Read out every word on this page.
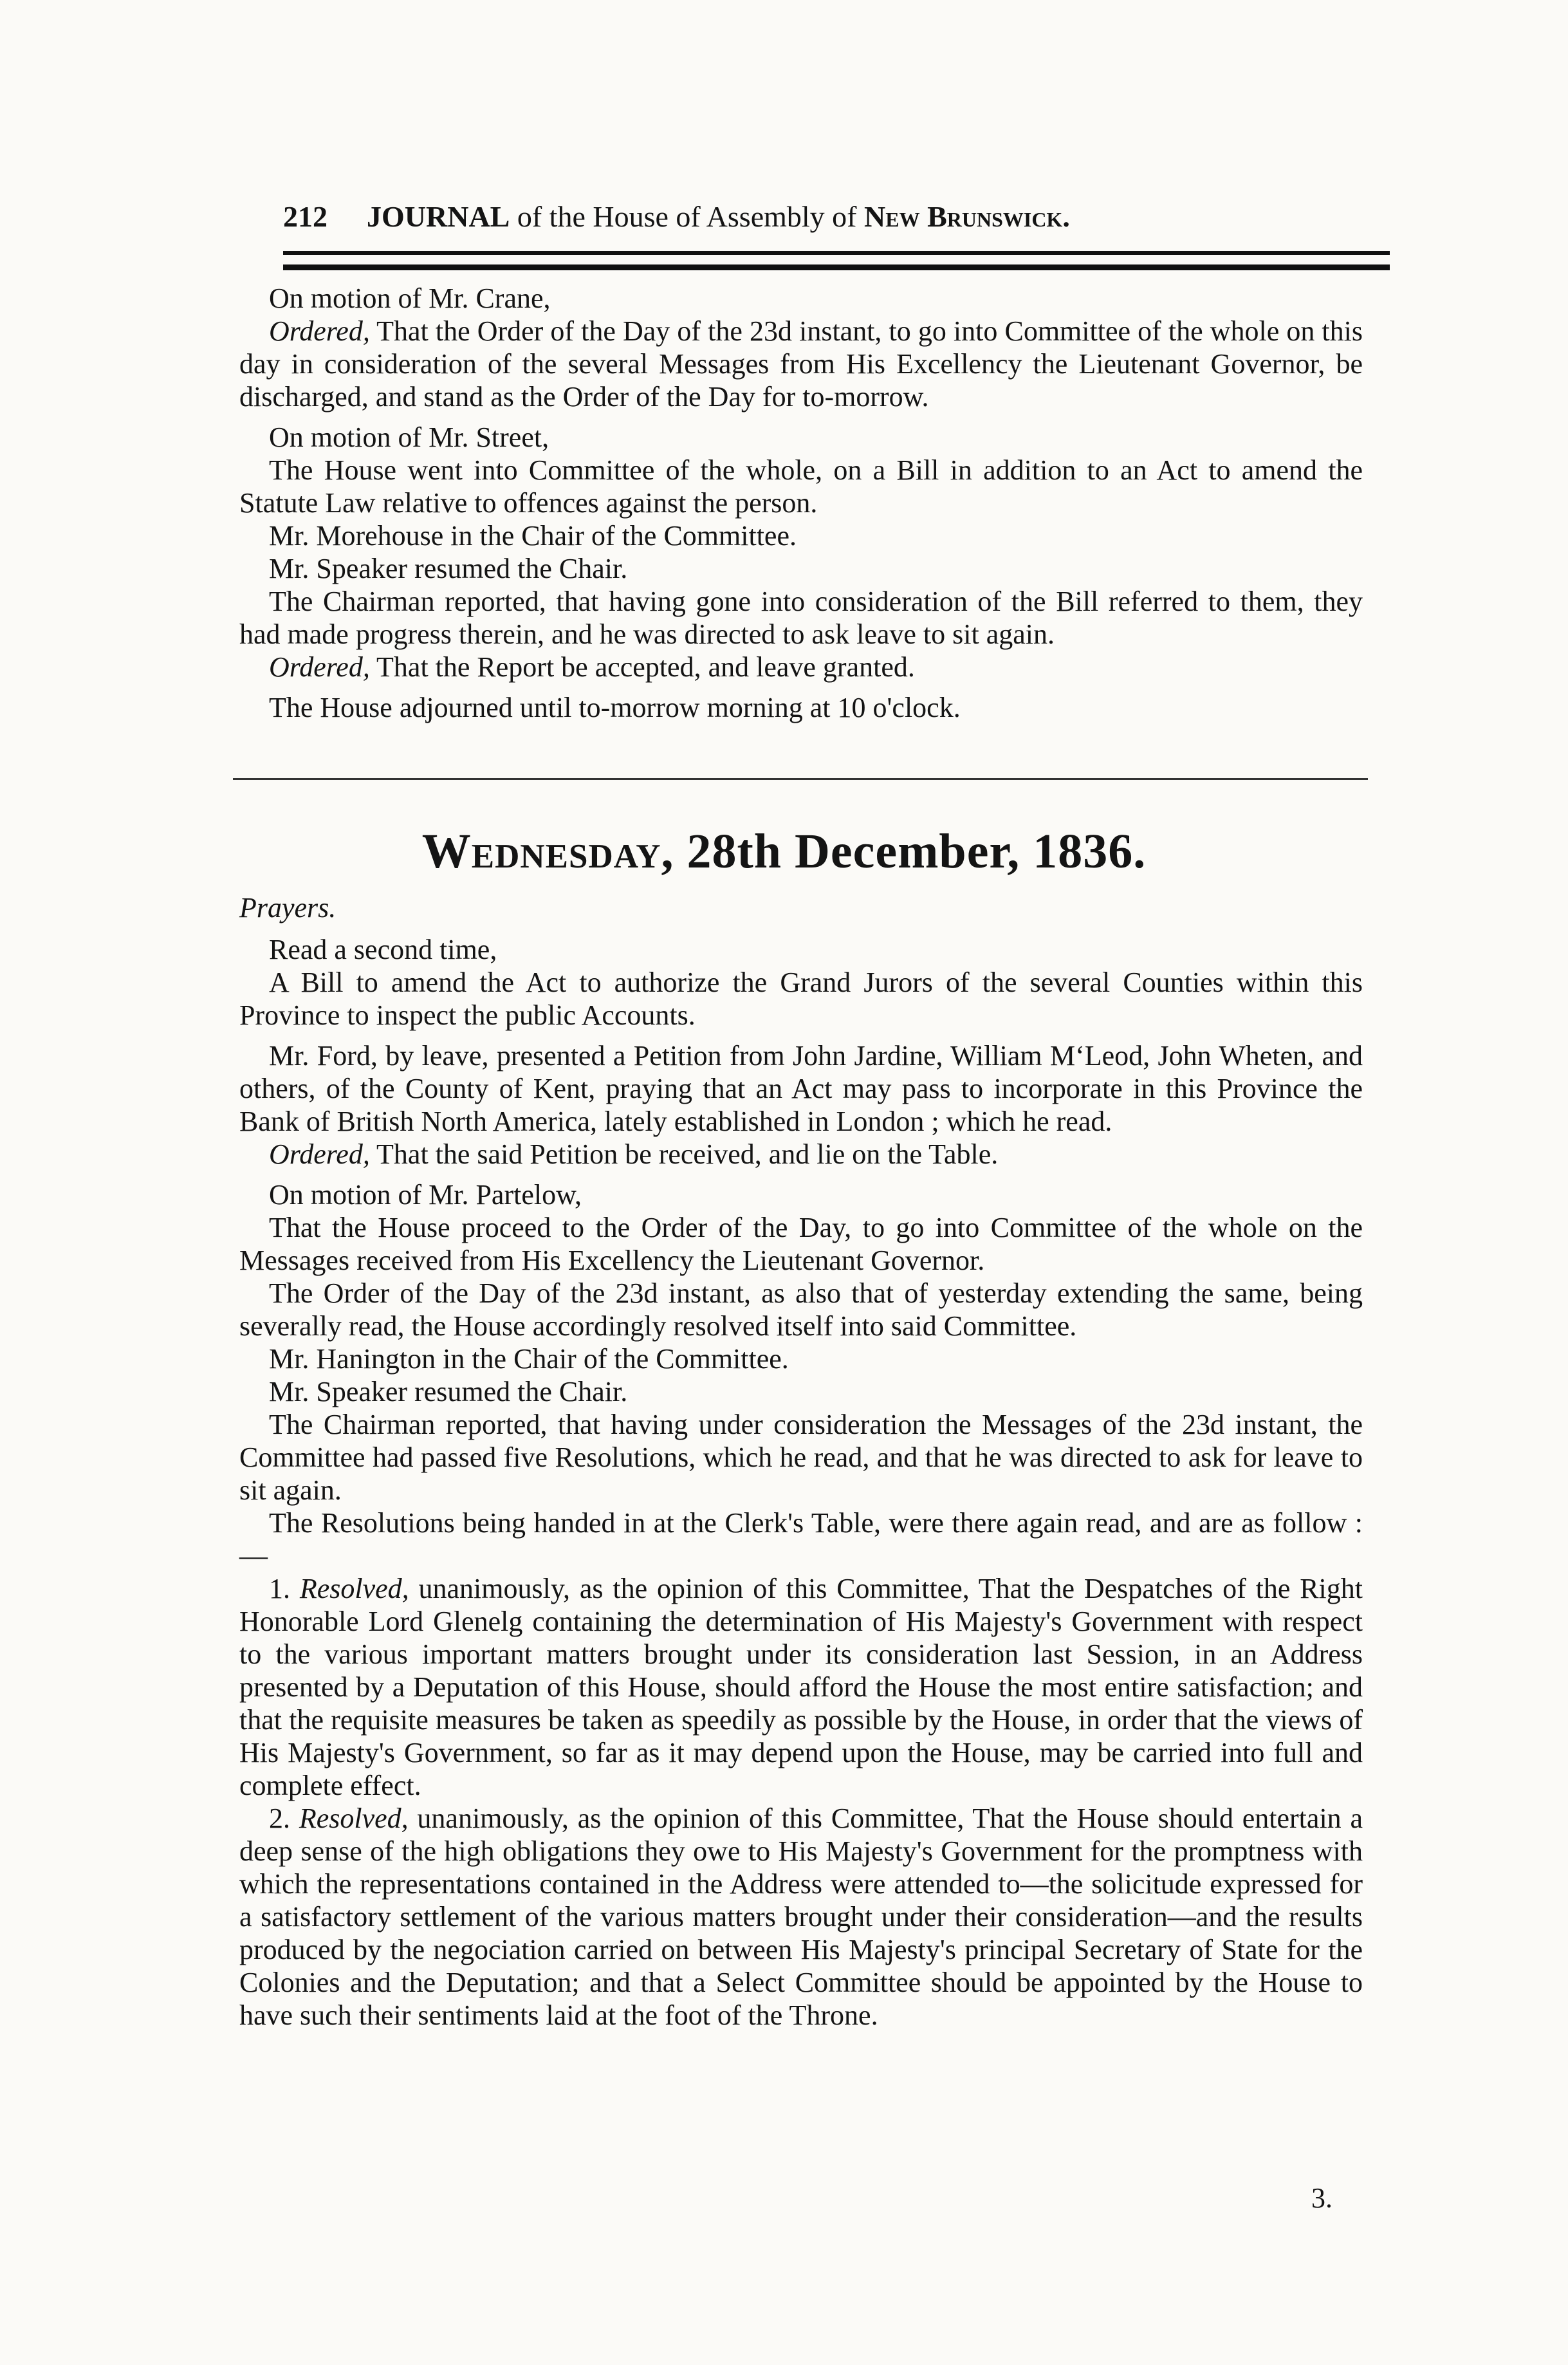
212	JOURNAL
of the House of Assembly of
New Brunswick.

On motion of Mr. Crane,

Ordered, That the Order of the Day of the 23d instant, to go into Committee of the whole on this day in consideration of the several Messages from His Excellency the Lieutenant Governor, be discharged, and stand as the Order of the Day for to-morrow.

On motion of Mr. Street,

The House went into Committee of the whole, on a Bill in addition to an Act to amend the Statute Law relative to offences against the person.

Mr. Morehouse in the Chair of the Committee.

Mr. Speaker resumed the Chair.

The Chairman reported, that having gone into consideration of the Bill referred to them, they had made progress therein, and he was directed to ask leave to sit again.

Ordered, That the Report be accepted, and leave granted.

The House adjourned until to-morrow morning at 10 o'clock.

Wednesday, 28th December, 1836.
Prayers.

Read a second time,

A Bill to amend the Act to authorize the Grand Jurors of the several Counties within this Province to inspect the public Accounts.

Mr. Ford, by leave, presented a Petition from John Jardine, William M‘Leod, John Wheten, and others, of the County of Kent, praying that an Act may pass to incorporate in this Province the Bank of British North America, lately established in London ; which he read.

Ordered, That the said Petition be received, and lie on the Table.

On motion of Mr. Partelow,

That the House proceed to the Order of the Day, to go into Committee of the whole on the Messages received from His Excellency the Lieutenant Governor.

The Order of the Day of the 23d instant, as also that of yesterday extending the same, being severally read, the House accordingly resolved itself into said Committee.

Mr. Hanington in the Chair of the Committee.

Mr. Speaker resumed the Chair.

The Chairman reported, that having under consideration the Messages of the 23d instant, the Committee had passed five Resolutions, which he read, and that he was directed to ask for leave to sit again.

The Resolutions being handed in at the Clerk's Table, were there again read, and are as follow :—

1. Resolved, unanimously, as the opinion of this Committee, That the Despatches of the Right Honorable Lord Glenelg containing the determination of His Majesty's Government with respect to the various important matters brought under its consideration last Session, in an Address presented by a Deputation of this House, should afford the House the most entire satisfaction; and that the requisite measures be taken as speedily as possible by the House, in order that the views of His Majesty's Government, so far as it may depend upon the House, may be carried into full and complete effect.

2. Resolved, unanimously, as the opinion of this Committee, That the House should entertain a deep sense of the high obligations they owe to His Majesty's Government for the promptness with which the representations contained in the Address were attended to—the solicitude expressed for a satisfactory settlement of the various matters brought under their consideration—and the results produced by the negociation carried on between His Majesty's principal Secretary of State for the Colonies and the Deputation; and that a Select Committee should be appointed by the House to have such their sentiments laid at the foot of the Throne.

3.
